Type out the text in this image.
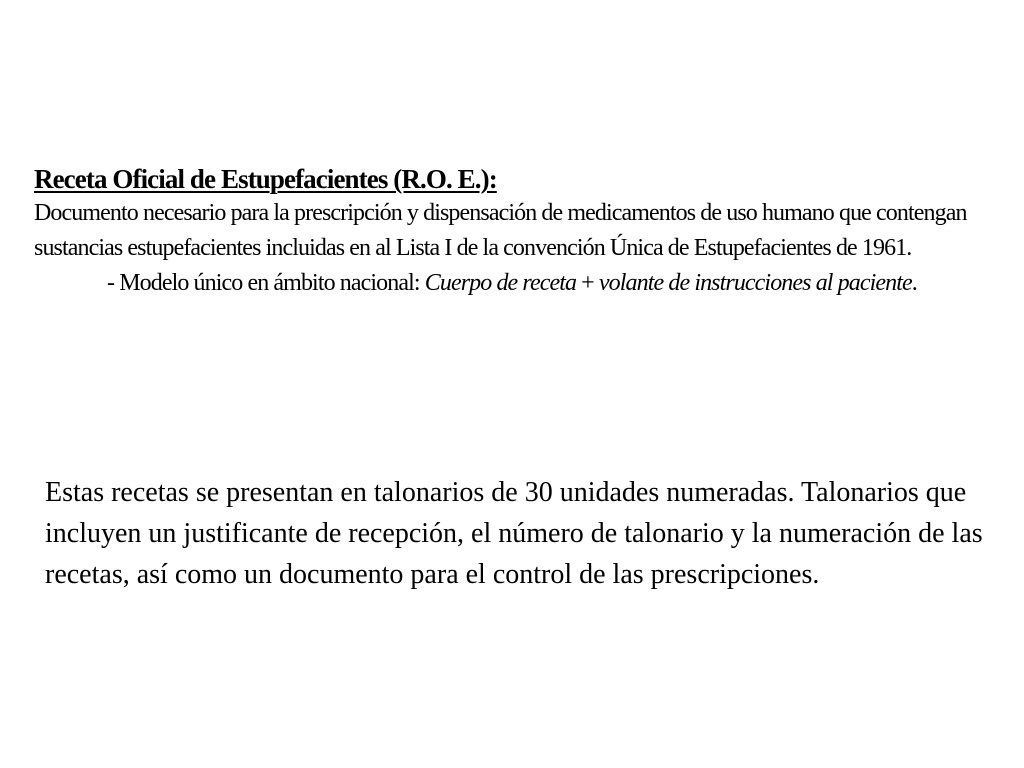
Receta Oficial de Estupefacientes (R.O. E.):

Documento necesario para la prescripción y dispensación de medicamentos de uso humano que contengan sustancias estupefacientes incluidas en al Lista I de la convención Única de Estupefacientes de 1961.

- Modelo único en ámbito nacional: Cuerpo de receta + volante de instrucciones al paciente.

Estas recetas se presentan en talonarios de 30 unidades numeradas. Talonarios que incluyen un justificante de recepción, el número de talonario y la numeración de las recetas, así como un documento para el control de las prescripciones.
